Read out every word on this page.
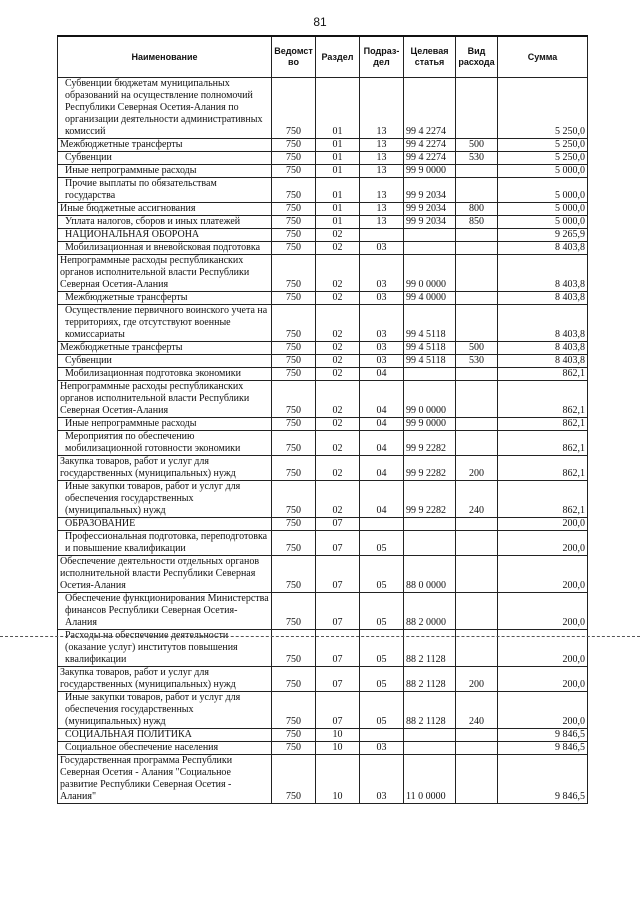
81
Наименование	Ведомст во	Раздел	Подраз- дел	Целевая статья	Вид расхода	Сумма
Субвенции бюджетам муниципальных образований на осуществление полномочий Республики Северная Осетия-Алания по организации деятельности административных комиссий	750	01	13	99 4 2274		5 250,0
Межбюджетные трансферты	750	01	13	99 4 2274	500	5 250,0
Субвенции	750	01	13	99 4 2274	530	5 250,0
Иные непрограммные расходы	750	01	13	99 9 0000		5 000,0
Прочие выплаты по обязательствам государства	750	01	13	99 9 2034		5 000,0
Иные бюджетные ассигнования	750	01	13	99 9 2034	800	5 000,0
Уплата налогов, сборов и иных платежей	750	01	13	99 9 2034	850	5 000,0
НАЦИОНАЛЬНАЯ ОБОРОНА	750	02				9 265,9
Мобилизационная и вневойсковая подготовка	750	02	03			8 403,8
Непрограммные расходы республиканских органов исполнительной власти Республики Северная Осетия-Алания	750	02	03	99 0 0000		8 403,8
Межбюджетные трансферты	750	02	03	99 4 0000		8 403,8
Осуществление первичного воинского учета на территориях, где отсутствуют военные комиссариаты	750	02	03	99 4 5118		8 403,8
Межбюджетные трансферты	750	02	03	99 4 5118	500	8 403,8
Субвенции	750	02	03	99 4 5118	530	8 403,8
Мобилизационная подготовка экономики	750	02	04			862,1
Непрограммные расходы республиканских органов исполнительной власти Республики Северная Осетия-Алания	750	02	04	99 0 0000		862,1
Иные непрограммные расходы	750	02	04	99 9 0000		862,1
Мероприятия по обеспечению мобилизационной готовности экономики	750	02	04	99 9 2282		862,1
Закупка товаров, работ и услуг для государственных (муниципальных) нужд	750	02	04	99 9 2282	200	862,1
Иные закупки товаров, работ и услуг для обеспечения государственных (муниципальных) нужд	750	02	04	99 9 2282	240	862,1
ОБРАЗОВАНИЕ	750	07				200,0
Профессиональная подготовка, переподготовка и повышение квалификации	750	07	05			200,0
Обеспечение деятельности отдельных органов исполнительной власти Республики Северная Осетия-Алания	750	07	05	88 0 0000		200,0
Обеспечение функционирования Министерства финансов Республики Северная Осетия-Алания	750	07	05	88 2 0000		200,0
Расходы на обеспечение деятельности (оказание услуг) институтов повышения квалификации	750	07	05	88 2 1128		200,0
Закупка товаров, работ и услуг для государственных (муниципальных) нужд	750	07	05	88 2 1128	200	200,0
Иные закупки товаров, работ и услуг для обеспечения государственных (муниципальных) нужд	750	07	05	88 2 1128	240	200,0
СОЦИАЛЬНАЯ ПОЛИТИКА	750	10				9 846,5
Социальное обеспечение населения	750	10	03			9 846,5
Государственная программа Республики Северная Осетия - Алания "Социальное развитие Республики Северная Осетия - Алания"	750	10	03	11 0 0000		9 846,5
